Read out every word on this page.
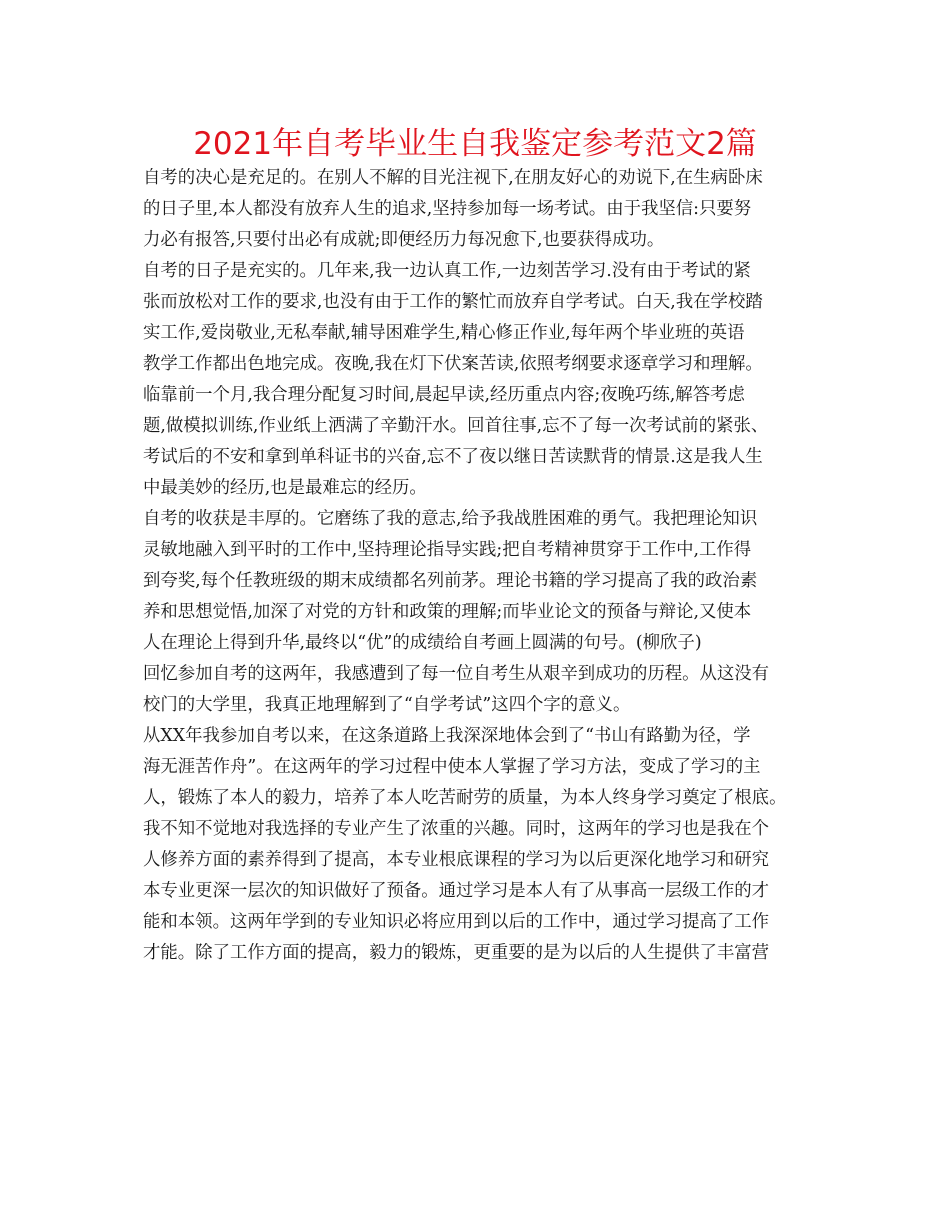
2021年自考毕业生自我鉴定参考范文2篇
自考的决心是充足的。在别人不解的目光注视下,在朋友好心的劝说下,在生病卧床
的日子里,本人都没有放弃人生的追求,坚持参加每一场考试。由于我坚信:只要努
力必有报答,只要付出必有成就;即便经历力每况愈下,也要获得成功。
自考的日子是充实的。几年来,我一边认真工作,一边刻苦学习.没有由于考试的紧
张而放松对工作的要求,也没有由于工作的繁忙而放弃自学考试。白天,我在学校踏
实工作,爱岗敬业,无私奉献,辅导困难学生,精心修正作业,每年两个毕业班的英语
教学工作都出色地完成。夜晚,我在灯下伏案苦读,依照考纲要求逐章学习和理解。
临靠前一个月,我合理分配复习时间,晨起早读,经历重点内容;夜晚巧练,解答考虑
题,做模拟训练,作业纸上洒满了辛勤汗水。回首往事,忘不了每一次考试前的紧张、
考试后的不安和拿到单科证书的兴奋,忘不了夜以继日苦读默背的情景.这是我人生
中最美妙的经历,也是最难忘的经历。
自考的收获是丰厚的。它磨练了我的意志,给予我战胜困难的勇气。我把理论知识
灵敏地融入到平时的工作中,坚持理论指导实践;把自考精神贯穿于工作中,工作得
到夸奖,每个任教班级的期末成绩都名列前茅。理论书籍的学习提高了我的政治素
养和思想觉悟,加深了对党的方针和政策的理解;而毕业论文的预备与辩论,又使本
人在理论上得到升华,最终以“优”的成绩给自考画上圆满的句号。(柳欣子)
回忆参加自考的这两年，我感遭到了每一位自考生从艰辛到成功的历程。从这没有
校门的大学里，我真正地理解到了“自学考试”这四个字的意义。
从XX年我参加自考以来，在这条道路上我深深地体会到了“书山有路勤为径，学
海无涯苦作舟”。在这两年的学习过程中使本人掌握了学习方法，变成了学习的主
人，锻炼了本人的毅力，培养了本人吃苦耐劳的质量，为本人终身学习奠定了根底。
我不知不觉地对我选择的专业产生了浓重的兴趣。同时，这两年的学习也是我在个
人修养方面的素养得到了提高，本专业根底课程的学习为以后更深化地学习和研究
本专业更深一层次的知识做好了预备。通过学习是本人有了从事高一层级工作的才
能和本领。这两年学到的专业知识必将应用到以后的工作中，通过学习提高了工作
才能。除了工作方面的提高，毅力的锻炼，更重要的是为以后的人生提供了丰富营
